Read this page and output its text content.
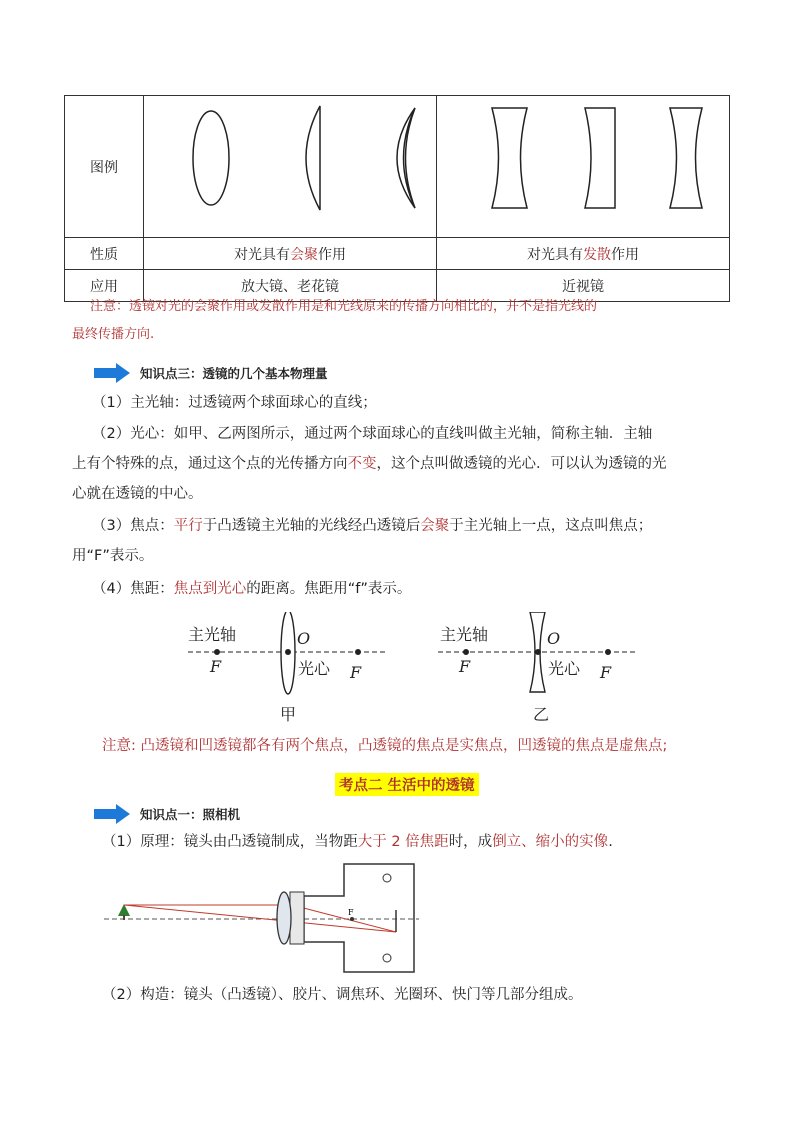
图例		
性质	对光具有会聚作用	对光具有发散作用
应用	放大镜、老花镜	近视镜
注意：透镜对光的会聚作用或发散作用是和光线原来的传播方向相比的，并不是指光线的
最终传播方向.
知识点三：透镜的几个基本物理量
（1）主光轴：过透镜两个球面球心的直线；
（2）光心：如甲、乙两图所示，通过两个球面球心的直线叫做主光轴，简称主轴．主轴
上有个特殊的点，通过这个点的光传播方向不变，这个点叫做透镜的光心．可以认为透镜的光
心就在透镜的中心。
（3）焦点：平行于凸透镜主光轴的光线经凸透镜后会聚于主光轴上一点，这点叫焦点；
用“F”表示。
（4）焦距：焦点到光心的距离。焦距用“f”表示。
主光轴
F
O
光心 F
甲
主光轴
F
O
光心 F
乙
注意: 凸透镜和凹透镜都各有两个焦点，凸透镜的焦点是实焦点，凹透镜的焦点是虚焦点;
考点二 生活中的透镜
知识点一：照相机
（1）原理：镜头由凸透镜制成，当物距大于 2 倍焦距时，成倒立、缩小的实像.
F
（2）构造：镜头（凸透镜）、胶片、调焦环、光圈环、快门等几部分组成。
